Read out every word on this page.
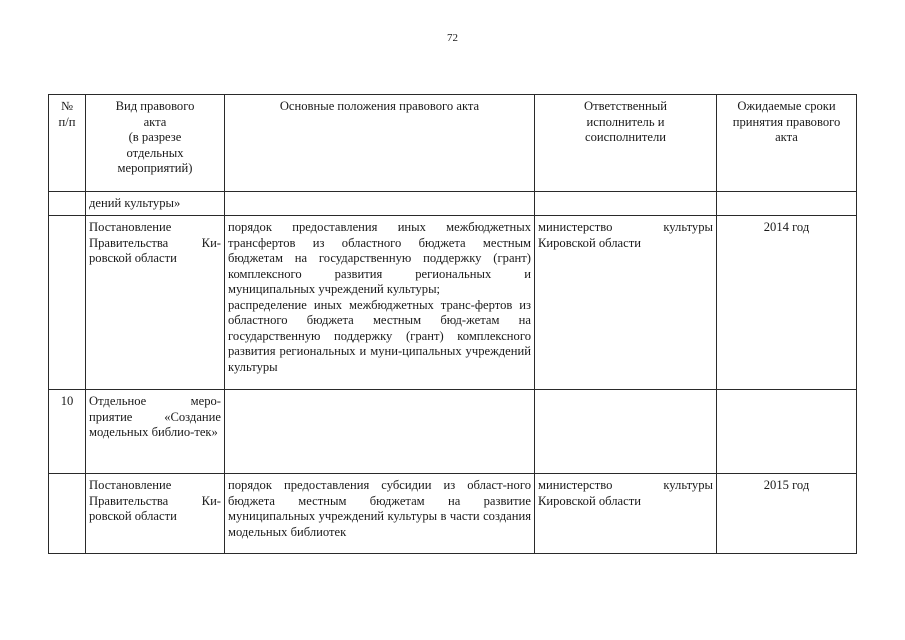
72
№
п/п	Вид правового
акта
(в разрезе
отдельных
мероприятий)	Основные положения правового акта	Ответственный
исполнитель и
соисполнители	Ожидаемые сроки
принятия правового
акта
	дений культуры»			
	Постановление Правительства Ки-ровской области	порядок предоставления иных межбюджетных трансфертов из областного бюджета местным бюджетам на государственную поддержку (грант) комплексного развития региональных и муниципальных учреждений культуры;
распределение иных межбюджетных транс-фертов из областного бюджета местным бюд-жетам на государственную поддержку (грант) комплексного развития региональных и муни-ципальных учреждений культуры	министерство культуры Кировской области	2014 год
10	Отдельное меро-приятие «Создание модельных библио-тек»			
	Постановление Правительства Ки-ровской области	порядок предоставления субсидии из област-ного бюджета местным бюджетам на развитие муниципальных учреждений культуры в части создания модельных библиотек	министерство культуры Кировской области	2015 год
